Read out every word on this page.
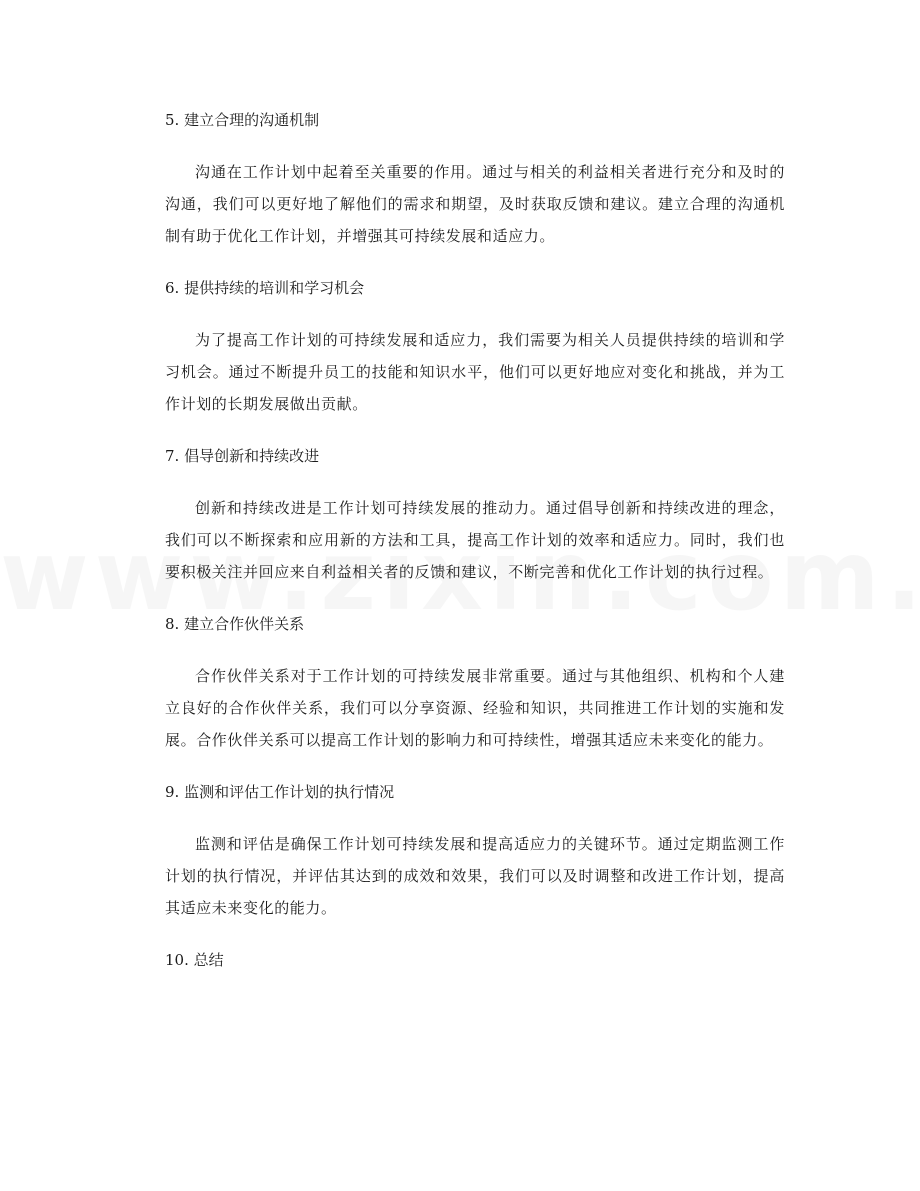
5. 建立合理的沟通机制
沟通在工作计划中起着至关重要的作用。通过与相关的利益相关者进行充分和及时的沟通，我们可以更好地了解他们的需求和期望，及时获取反馈和建议。建立合理的沟通机制有助于优化工作计划，并增强其可持续发展和适应力。
6. 提供持续的培训和学习机会
为了提高工作计划的可持续发展和适应力，我们需要为相关人员提供持续的培训和学习机会。通过不断提升员工的技能和知识水平，他们可以更好地应对变化和挑战，并为工作计划的长期发展做出贡献。
7. 倡导创新和持续改进
创新和持续改进是工作计划可持续发展的推动力。通过倡导创新和持续改进的理念，我们可以不断探索和应用新的方法和工具，提高工作计划的效率和适应力。同时，我们也要积极关注并回应来自利益相关者的反馈和建议，不断完善和优化工作计划的执行过程。
8. 建立合作伙伴关系
合作伙伴关系对于工作计划的可持续发展非常重要。通过与其他组织、机构和个人建立良好的合作伙伴关系，我们可以分享资源、经验和知识，共同推进工作计划的实施和发展。合作伙伴关系可以提高工作计划的影响力和可持续性，增强其适应未来变化的能力。
9. 监测和评估工作计划的执行情况
监测和评估是确保工作计划可持续发展和提高适应力的关键环节。通过定期监测工作计划的执行情况，并评估其达到的成效和效果，我们可以及时调整和改进工作计划，提高其适应未来变化的能力。
10. 总结
